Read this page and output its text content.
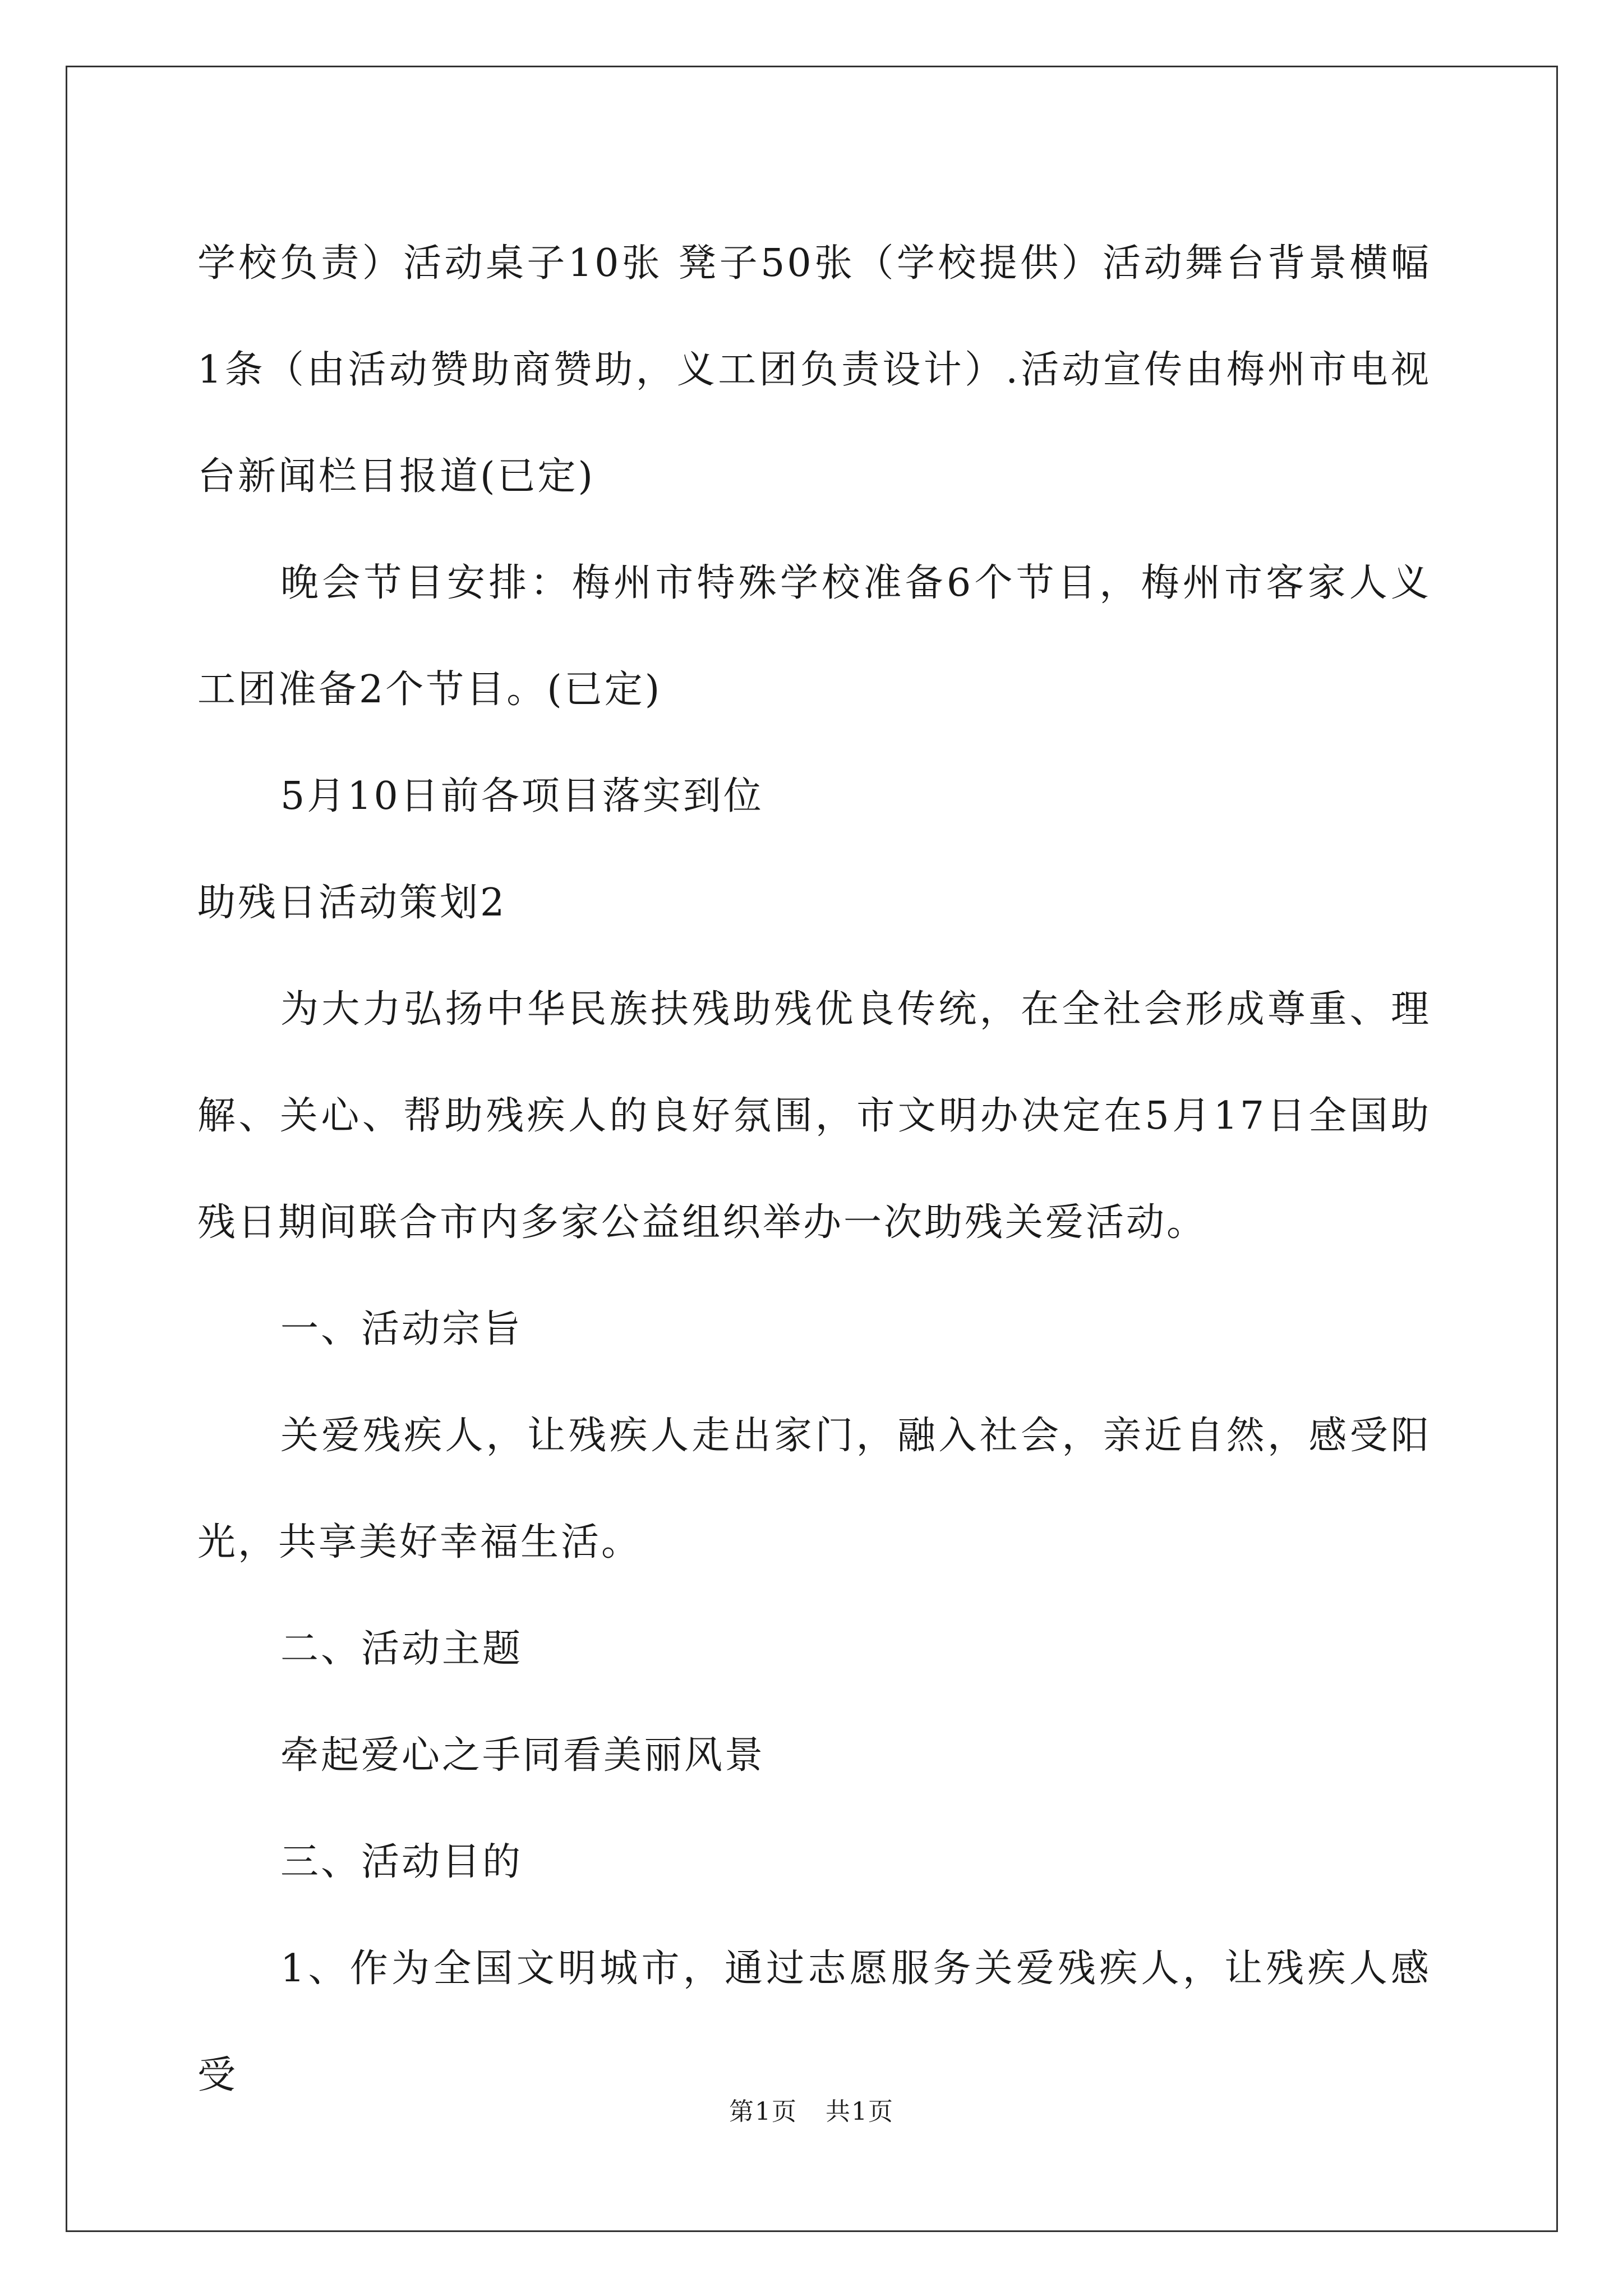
学校负责）活动桌子10张 凳子50张（学校提供）活动舞台背景横幅1条（由活动赞助商赞助，义工团负责设计）.活动宣传由梅州市电视台新闻栏目报道(已定)

晚会节目安排：梅州市特殊学校准备6个节目，梅州市客家人义工团准备2个节目。(已定)

5月10日前各项目落实到位

助残日活动策划2

为大力弘扬中华民族扶残助残优良传统，在全社会形成尊重、理解、关心、帮助残疾人的良好氛围，市文明办决定在5月17日全国助残日期间联合市内多家公益组织举办一次助残关爱活动。

一、活动宗旨

关爱残疾人，让残疾人走出家门，融入社会，亲近自然，感受阳光，共享美好幸福生活。

二、活动主题

牵起爱心之手同看美丽风景

三、活动目的

1、作为全国文明城市，通过志愿服务关爱残疾人，让残疾人感受

第1页 共1页
